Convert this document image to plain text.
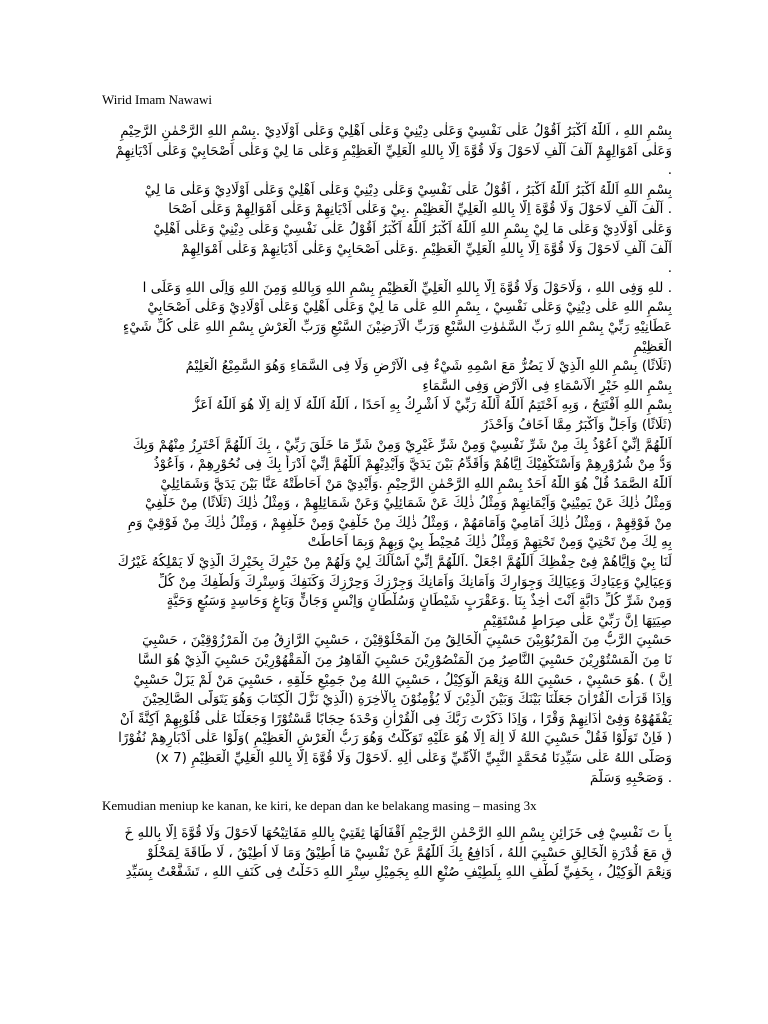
Wirid Imam Nawawi
بِسْمِ اللهِ ، اَللّٰهُ اَكْبَرُ اَقُوْلُ عَلٰى نَفْسِيْ وَعَلٰى دِيْنِيْ وَعَلٰى اَهْلِيْ وَعَلٰى اَوْلَادِيْ .بِسْمِ اللهِ الرَّحْمٰنِ الرَّحِيْمِ
وَعَلٰى اَمْوَالِهِمْ اَلْفَ اَلْفِ لَاحَوْلَ وَلَا قُوَّةَ اِلَّا بِاللهِ الْعَلِيِّ الْعَظِيْمِ وَعَلٰى مَا لِيْ وَعَلٰى اَصْحَابِيْ وَعَلٰى اَدْيَانِهِمْ
.
بِسْمِ اللهِ اَللّٰهُ اَكْبَرُ اَللّٰهُ اَكْبَرُ ، اَقُوْلُ عَلٰى نَفْسِيْ وَعَلٰى دِيْنِيْ وَعَلٰى اَهْلِيْ وَعَلٰى اَوْلَادِيْ وَعَلٰى مَا لِيْ
. اَلْفَ اَلْفِ لَاحَوْلَ وَلَا قُوَّةَ اِلَّا بِاللهِ الْعَلِيِّ الْعَظِيْمِ .بِيْ وَعَلٰى اَدْيَانِهِمْ وَعَلٰى اَمْوَالِهِمْ وَعَلٰى اَصْحَا
وَعَلٰى اَوْلَادِيْ وَعَلٰى مَا لِيْ بِسْمِ اللهِ اَللّٰهُ اَكْبَرُ اَللّٰهُ اَكْبَرُ اَقُوْلُ عَلٰى نَفْسِيْ وَعَلٰى دِيْنِيْ وَعَلٰى اَهْلِيْ
اَلْفَ اَلْفِ لَاحَوْلَ وَلَا قُوَّةَ اِلَّا بِاللهِ الْعَلِيِّ الْعَظِيْمِ .وَعَلٰى اَصْحَابِيْ وَعَلٰى اَدْيَانِهِمْ وَعَلٰى اَمْوَالِهِمْ
.
. للهِ وَفِى اللهِ ، وَلَاحَوْلَ وَلَا قُوَّةَ اِلَّا بِاللهِ الْعَلِيِّ الْعَظِيْمِ بِسْمِ اللهِ وَبِاللهِ وَمِنَ اللهِ وَاِلَى اللهِ وَعَلَى ا
بِسْمِ اللهِ عَلٰى دِيْنِيْ وَعَلٰى نَفْسِيْ ، بِسْمِ اللهِ عَلٰى مَا لِيْ وَعَلٰى اَهْلِيْ وَعَلٰى اَوْلَادِيْ وَعَلٰى اَصْحَابِيْ
عَطَانِيْهِ رَبِّيْ بِسْمِ اللهِ رَبِّ السَّمٰوٰتِ السَّبْعِ وَرَبِّ الْاَرَضِيْنَ السَّبْعِ وَرَبِّ الْعَرْشِ بِسْمِ اللهِ عَلٰى كُلِّ شَيْءٍ
الْعَظِيْمِ
(ثَلَاثًا) بِسْمِ اللهِ الَّذِيْ لَا يَضُرُّ مَعَ اسْمِهِ شَيْءٌ فِى الْاَرْضِ وَلَا فِى السَّمَاءِ وَهُوَ السَّمِيْعُ الْعَلِيْمُ
بِسْمِ اللهِ خَيْرِ الْاَسْمَاءِ فِى الْاَرْضِ وَفِى السَّمَاءِ
بِسْمِ اللهِ اَفْتَتِحُ ، وَبِهِ اَخْتَتِمُ اَللّٰهُ اَللّٰهُ رَبِّيْ لَا اُشْرِكُ بِهِ اَحَدًا ، اَللّٰهُ اَللّٰهُ لَا اِلٰهَ اِلَّا هُوَ اَللّٰهُ اَعَزُّ
(ثَلَاثًا) وَاَجَلُّ وَاَكْبَرُ مِمَّا اَخَافُ وَاَحْذَرُ
اَللّٰهُمَّ اِنِّيْ اَعُوْذُ بِكَ مِنْ شَرِّ نَفْسِيْ وَمِنْ شَرِّ غَيْرِيْ وَمِنْ شَرِّ مَا خَلَقَ رَبِّيْ ، بِكَ اَللّٰهُمَّ اَحْتَرِزُ مِنْهُمْ وَبِكَ
وَدُّ مِنْ شُرُوْرِهِمْ وَاَسْتَكْفِيْكَ اِيَّاهُمْ وَاُقَدِّمُ بَيْنَ يَدَيَّ وَاَيْدِيْهِمْ اَللّٰهُمَّ اِنِّيْ اَدْرَأُ بِكَ فِى نُحُوْرِهِمْ ، وَاَعُوْذُ
اَللّٰهُ الصَّمَدُ قُلْ هُوَ اللّٰهُ اَحَدٌ بِسْمِ اللهِ الرَّحْمٰنِ الرَّحِيْمِ .وَاَيْدِيْ مَنْ اَحَاطَتْهُ عَنَّا بَيْنَ يَدَيَّ وَشَمَائِلِيْ
وَمِثْلُ ذٰلِكَ عَنْ يَمِيْنِيْ وَاَيْمَانِهِمْ وَمِثْلُ ذٰلِكَ عَنْ شَمَائِلِيْ وَعَنْ شَمَائِلِهِمْ ، وَمِثْلُ ذٰلِكَ (ثَلَاثًا) مِنْ خَلْفِيْ
مِنْ فَوْقِهِمْ ، وَمِثْلُ ذٰلِكَ اَمَامِيْ وَاَمَامَهُمْ ، وَمِثْلُ ذٰلِكَ مِنْ خَلْفِيْ وَمِنْ خَلْفِهِمْ ، وَمِثْلُ ذٰلِكَ مِنْ فَوْقِيْ وَمِ
بِهِ لِكَ مِنْ تَحْتِيْ وَمِنْ تَحْتِهِمْ وَمِثْلُ ذٰلِكَ مُحِيْطٌ بِيْ وَبِهِمْ وَبِمَا اَحَاطَتْ
لَنَا بِيْ وَاِيَّاهُمْ فِىْ حِفْظِكَ اَللّٰهُمَّ اجْعَلْ .اَللّٰهُمَّ اِنِّيْ اَسْاَلُكَ لِيْ وَلَهُمْ مِنْ خَيْرِكَ بِخَيْرِكَ الَّذِيْ لَا يَمْلِكُهُ غَيْرُكَ
وَعِيَالِيْ وَعِيَادِكَ وَعِيَالِكَ وَجِوَارِكَ وَاَمَانِكَ وَاَمَانِكَ وَجِرْزِكَ وَحِرْزِكَ وَكَنَفِكَ وَسِتْرِكَ وَلُطْفِكَ مِنْ كُلِّ
وَمِنْ شَرِّ كُلِّ دَابَّةٍ اَنْتَ اٰخِذٌ بِنَا .وَعَقْرَبٍ شَيْطَانٍ وَسُلْطَانٍ وَاِنْسٍ وَجَانٍّ وَبَاغٍ وَحَاسِدٍ وَسَبُعٍ وَحَيَّةٍ
صِيَتِهَا اِنَّ رَبِّيْ عَلٰى صِرَاطٍ مُسْتَقِيْمٍ
حَسْبِيَ الرَّبُّ مِنَ الْمَرْبُوْبِيْنَ حَسْبِيَ الْخَالِقُ مِنَ الْمَخْلُوْقِيْنَ ، حَسْبِيَ الرَّازِقُ مِنَ الْمَرْزُوْقِيْنَ ، حَسْبِيَ
نَا مِنَ الْمَسْتُوْرِيْنَ حَسْبِيَ النَّاصِرُ مِنَ الْمَنْصُوْرِيْنَ حَسْبِيَ الْقَاهِرُ مِنَ الْمَقْهُوْرِيْنَ حَسْبِيَ الَّذِيْ هُوَ السَّا
اِنَّ ) .هُوَ حَسْبِيْ ، حَسْبِيَ اللهُ وَنِعْمَ الْوَكِيْلُ ، حَسْبِيَ اللهُ مِنْ جَمِيْعِ خَلْقِهِ ، حَسْبِيَ مَنْ لَمْ يَزَلْ حَسْبِيْ
وَاِذَا قَرَأْتَ الْقُرْاٰنَ جَعَلْنَا بَيْنَكَ وَبَيْنَ الَّذِيْنَ لَا يُؤْمِنُوْنَ بِالْاٰخِرَةِ (الَّذِيْ نَزَّلَ الْكِتَابَ وَهُوَ يَتَوَلَّى الصَّالِحِيْنَ
يَفْقَهُوْهُ وَفِىْ اٰذَانِهِمْ وَقْرًا ، وَاِذَا ذَكَرْتَ رَبَّكَ فِى الْقُرْاٰنِ وَحْدَهٗ حِجَابًا مَّسْتُوْرًا وَجَعَلْنَا عَلٰى قُلُوْبِهِمْ اَكِنَّةً اَنْ
( فَاِنْ تَوَلَّوْا فَقُلْ حَسْبِيَ اللهُ لَا اِلٰهَ اِلَّا هُوَ عَلَيْهِ تَوَكَّلْتُ وَهُوَ رَبُّ الْعَرْشِ الْعَظِيْمِ )وَلَّوْا عَلٰى اَدْبَارِهِمْ نُفُوْرًا
وَصَلَّى اللهُ عَلٰى سَيِّدِنَا مُحَمَّدٍ النَّبِيِّ الْاُمِّيِّ وَعَلٰى اٰلِهِ .لَاحَوْلَ وَلَا قُوَّةَ اِلَّا بِاللهِ الْعَلِيِّ الْعَظِيْمِ (7 x)
. وَصَحْبِهِ وَسَلَّمَ

Kemudian meniup ke kanan, ke kiri, ke depan dan ke belakang masing – masing 3x

بِاَ تَ نَفْسِيْ فِى خَزَائِنِ بِسْمِ اللهِ الرَّحْمٰنِ الرَّحِيْمِ اَقْفَالُهَا ثِقَتِيْ بِاللهِ مَفَاتِيْحُهَا لَاحَوْلَ وَلَا قُوَّةَ اِلَّا بِاللهِ خَ
قِ مَعَ قُدْرَةِ الْخَالِقِ حَسْبِيَ اللهُ ، اُدَافِعُ بِكَ اَللّٰهُمَّ عَنْ نَفْسِيْ مَا اُطِيْقُ وَمَا لَا اُطِيْقُ ، لَا طَاقَةَ لِمَخْلُوْ
وَنِعْمَ الْوَكِيْلُ ، بِخَفِيِّ لُطْفِ اللهِ بِلَطِيْفِ صُنْعِ اللهِ بِجَمِيْلِ سِتْرِ اللهِ دَخَلْتُ فِى كَنَفِ اللهِ ، تَشَفَّعْتُ بِسَيِّدِ
